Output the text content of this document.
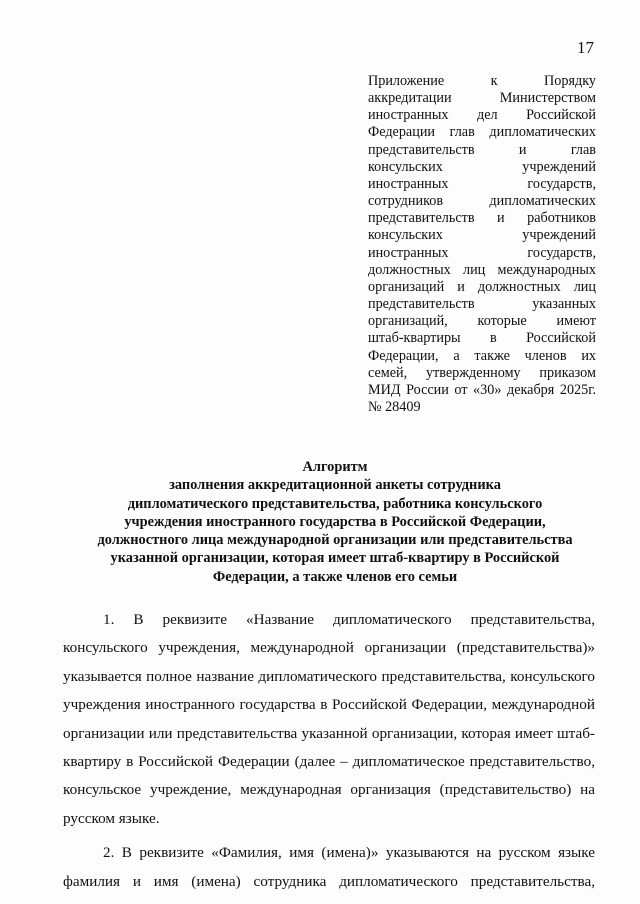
17
Приложение к Порядку
аккредитации Министерством
иностранных дел Российской
Федерации глав дипломатических
представительств и глав
консульских учреждений
иностранных государств,
сотрудников дипломатических
представительств и работников
консульских учреждений
иностранных государств,
должностных лиц международных
организаций и должностных лиц
представительств указанных
организаций, которые имеют
штаб-квартиры в Российской
Федерации, а также членов их
семей, утвержденному приказом
МИД России от «30» декабря 2025г.
№ 28409
Алгоритм
заполнения аккредитационной анкеты сотрудника
дипломатического представительства, работника консульского
учреждения иностранного государства в Российской Федерации,
должностного лица международной организации или представительства
указанной организации, которая имеет штаб-квартиру в Российской
Федерации, а также членов его семьи
1. В реквизите «Название дипломатического представительства,
консульского учреждения, международной организации (представительства)»
указывается полное название дипломатического представительства, консульского
учреждения иностранного государства в Российской Федерации, международной
организации или представительства указанной организации, которая имеет штаб-
квартиру в Российской Федерации (далее – дипломатическое представительство,
консульское учреждение, международная организация (представительство) на
русском языке.
2. В реквизите «Фамилия, имя (имена)» указываются на русском языке
фамилия и имя (имена) сотрудника дипломатического представительства,
